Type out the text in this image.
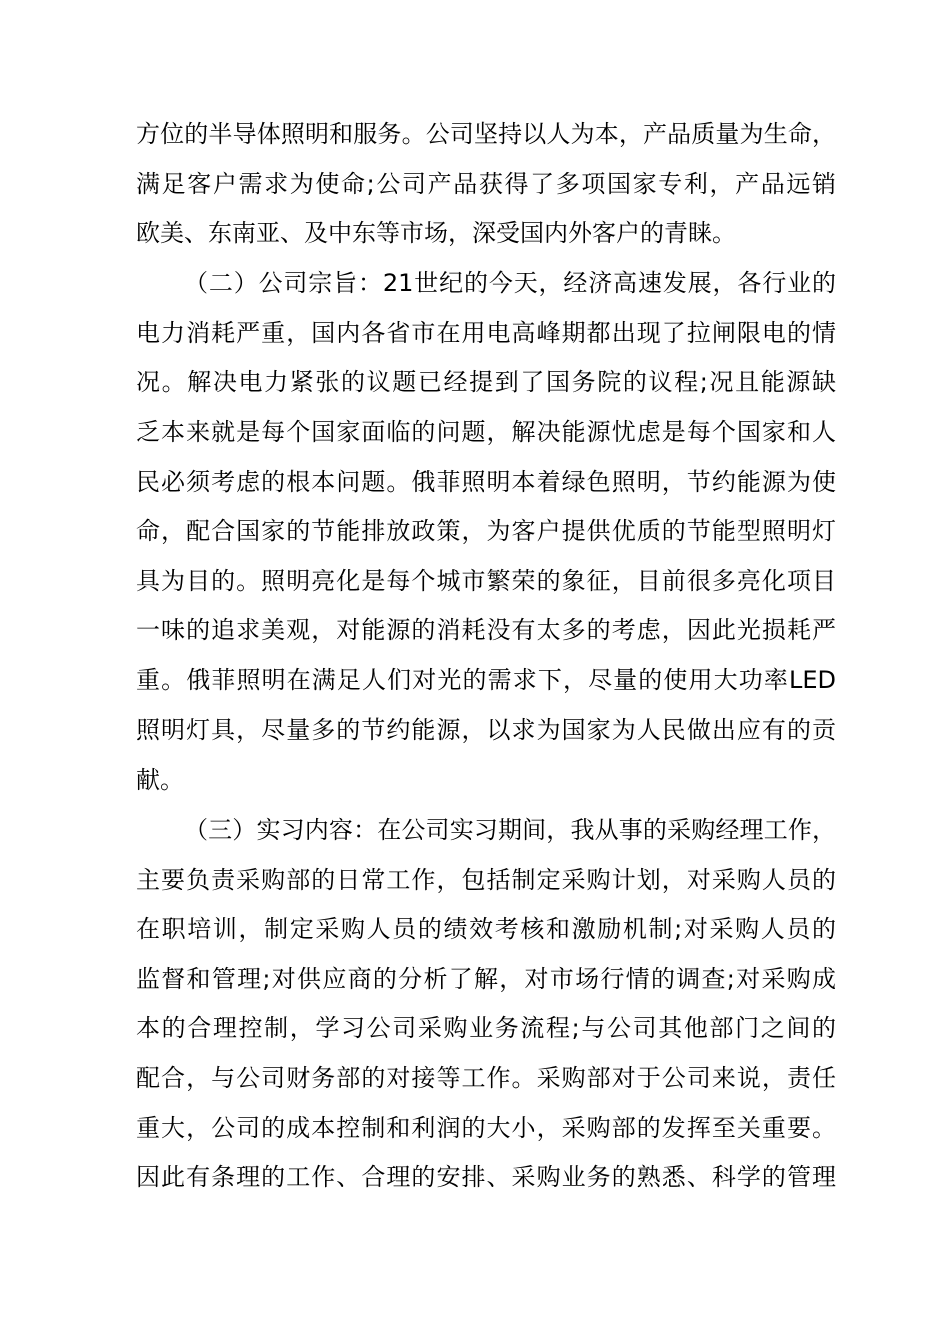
方位的半导体照明和服务。公司坚持以人为本，产品质量为生命，
满足客户需求为使命;公司产品获得了多项国家专利，产品远销
欧美、东南亚、及中东等市场，深受国内外客户的青睐。
（二）公司宗旨：21世纪的今天，经济高速发展，各行业的
电力消耗严重，国内各省市在用电高峰期都出现了拉闸限电的情
况。解决电力紧张的议题已经提到了国务院的议程;况且能源缺
乏本来就是每个国家面临的问题，解决能源忧虑是每个国家和人
民必须考虑的根本问题。俄菲照明本着绿色照明，节约能源为使
命，配合国家的节能排放政策，为客户提供优质的节能型照明灯
具为目的。照明亮化是每个城市繁荣的象征，目前很多亮化项目
一味的追求美观，对能源的消耗没有太多的考虑，因此光损耗严
重。俄菲照明在满足人们对光的需求下，尽量的使用大功率LED
照明灯具，尽量多的节约能源，以求为国家为人民做出应有的贡
献。
（三）实习内容：在公司实习期间，我从事的采购经理工作，
主要负责采购部的日常工作，包括制定采购计划，对采购人员的
在职培训，制定采购人员的绩效考核和激励机制;对采购人员的
监督和管理;对供应商的分析了解，对市场行情的调查;对采购成
本的合理控制，学习公司采购业务流程;与公司其他部门之间的
配合，与公司财务部的对接等工作。采购部对于公司来说，责任
重大，公司的成本控制和利润的大小，采购部的发挥至关重要。
因此有条理的工作、合理的安排、采购业务的熟悉、科学的管理
